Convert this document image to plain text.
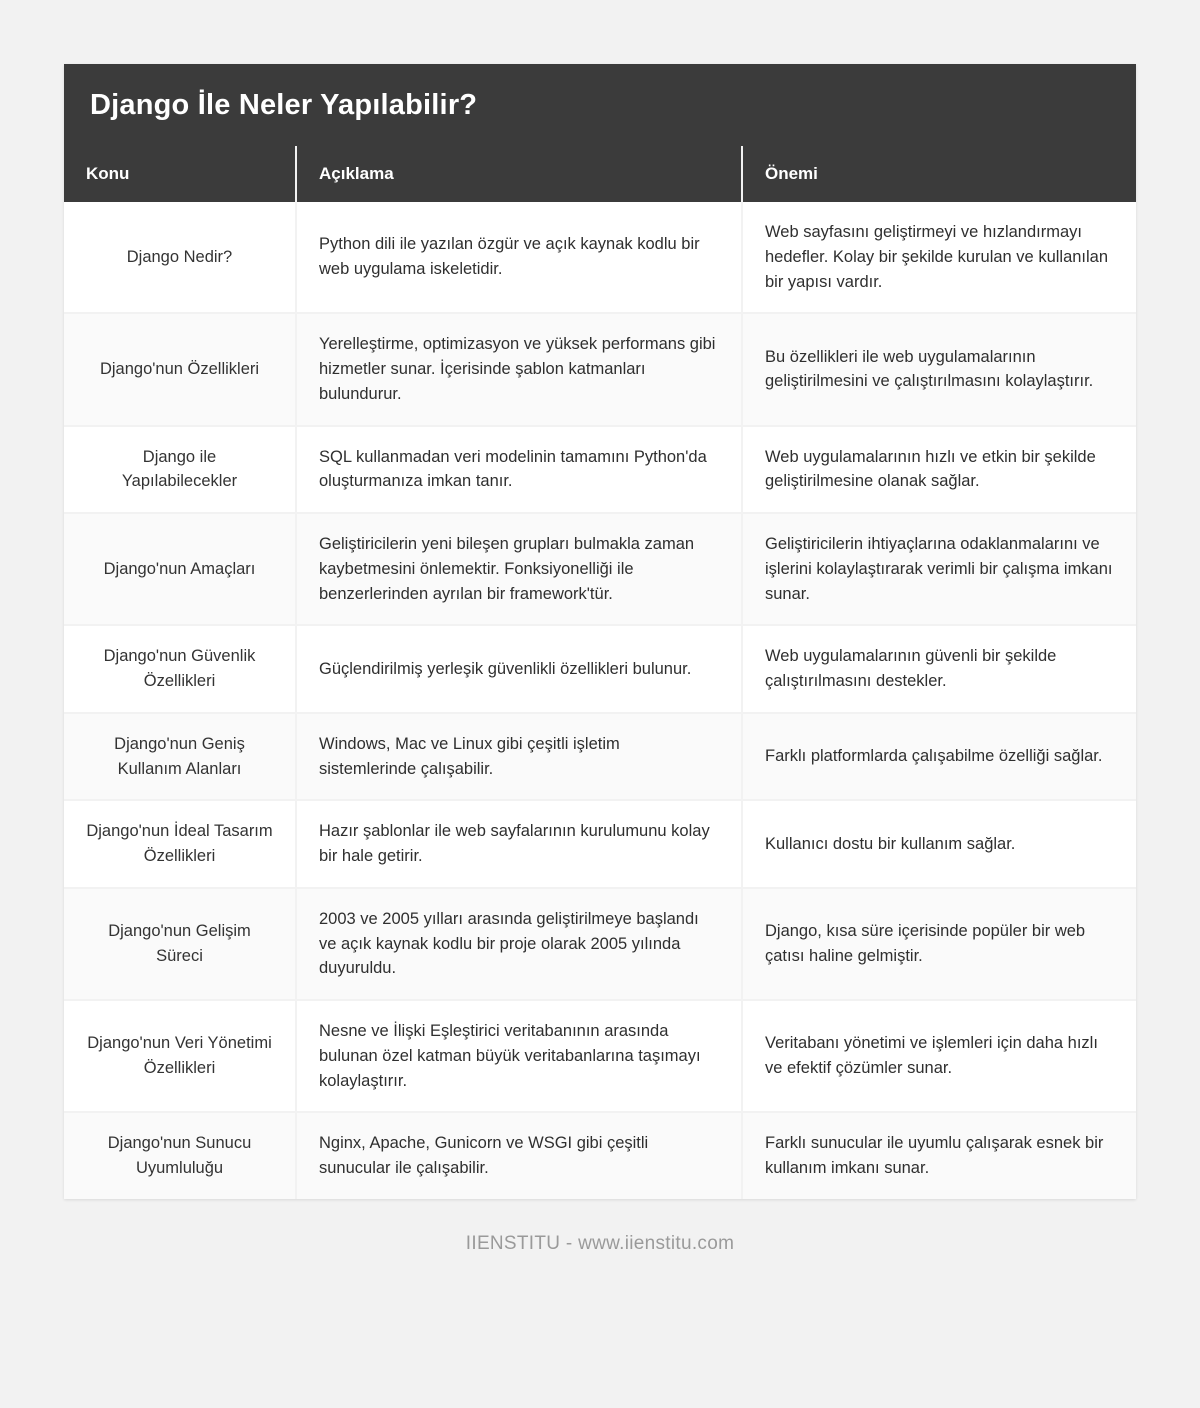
Django İle Neler Yapılabilir?
Konu	Açıklama	Önemi
Django Nedir?	Python dili ile yazılan özgür ve açık kaynak kodlu bir web uygulama iskeletidir.	Web sayfasını geliştirmeyi ve hızlandırmayı hedefler. Kolay bir şekilde kurulan ve kullanılan bir yapısı vardır.
Django'nun Özellikleri	Yerelleştirme, optimizasyon ve yüksek performans gibi hizmetler sunar. İçerisinde şablon katmanları bulundurur.	Bu özellikleri ile web uygulamalarının geliştirilmesini ve çalıştırılmasını kolaylaştırır.
Django ile Yapılabilecekler	SQL kullanmadan veri modelinin tamamını Python'da oluşturmanıza imkan tanır.	Web uygulamalarının hızlı ve etkin bir şekilde geliştirilmesine olanak sağlar.
Django'nun Amaçları	Geliştiricilerin yeni bileşen grupları bulmakla zaman kaybetmesini önlemektir. Fonksiyonelliği ile benzerlerinden ayrılan bir framework'tür.	Geliştiricilerin ihtiyaçlarına odaklanmalarını ve işlerini kolaylaştırarak verimli bir çalışma imkanı sunar.
Django'nun Güvenlik Özellikleri	Güçlendirilmiş yerleşik güvenlikli özellikleri bulunur.	Web uygulamalarının güvenli bir şekilde çalıştırılmasını destekler.
Django'nun Geniş Kullanım Alanları	Windows, Mac ve Linux gibi çeşitli işletim sistemlerinde çalışabilir.	Farklı platformlarda çalışabilme özelliği sağlar.
Django'nun İdeal Tasarım Özellikleri	Hazır şablonlar ile web sayfalarının kurulumunu kolay bir hale getirir.	Kullanıcı dostu bir kullanım sağlar.
Django'nun Gelişim Süreci	2003 ve 2005 yılları arasında geliştirilmeye başlandı ve açık kaynak kodlu bir proje olarak 2005 yılında duyuruldu.	Django, kısa süre içerisinde popüler bir web çatısı haline gelmiştir.
Django'nun Veri Yönetimi Özellikleri	Nesne ve İlişki Eşleştirici veritabanının arasında bulunan özel katman büyük veritabanlarına taşımayı kolaylaştırır.	Veritabanı yönetimi ve işlemleri için daha hızlı ve efektif çözümler sunar.
Django'nun Sunucu Uyumluluğu	Nginx, Apache, Gunicorn ve WSGI gibi çeşitli sunucular ile çalışabilir.	Farklı sunucular ile uyumlu çalışarak esnek bir kullanım imkanı sunar.
IIENSTITU - www.iienstitu.com
